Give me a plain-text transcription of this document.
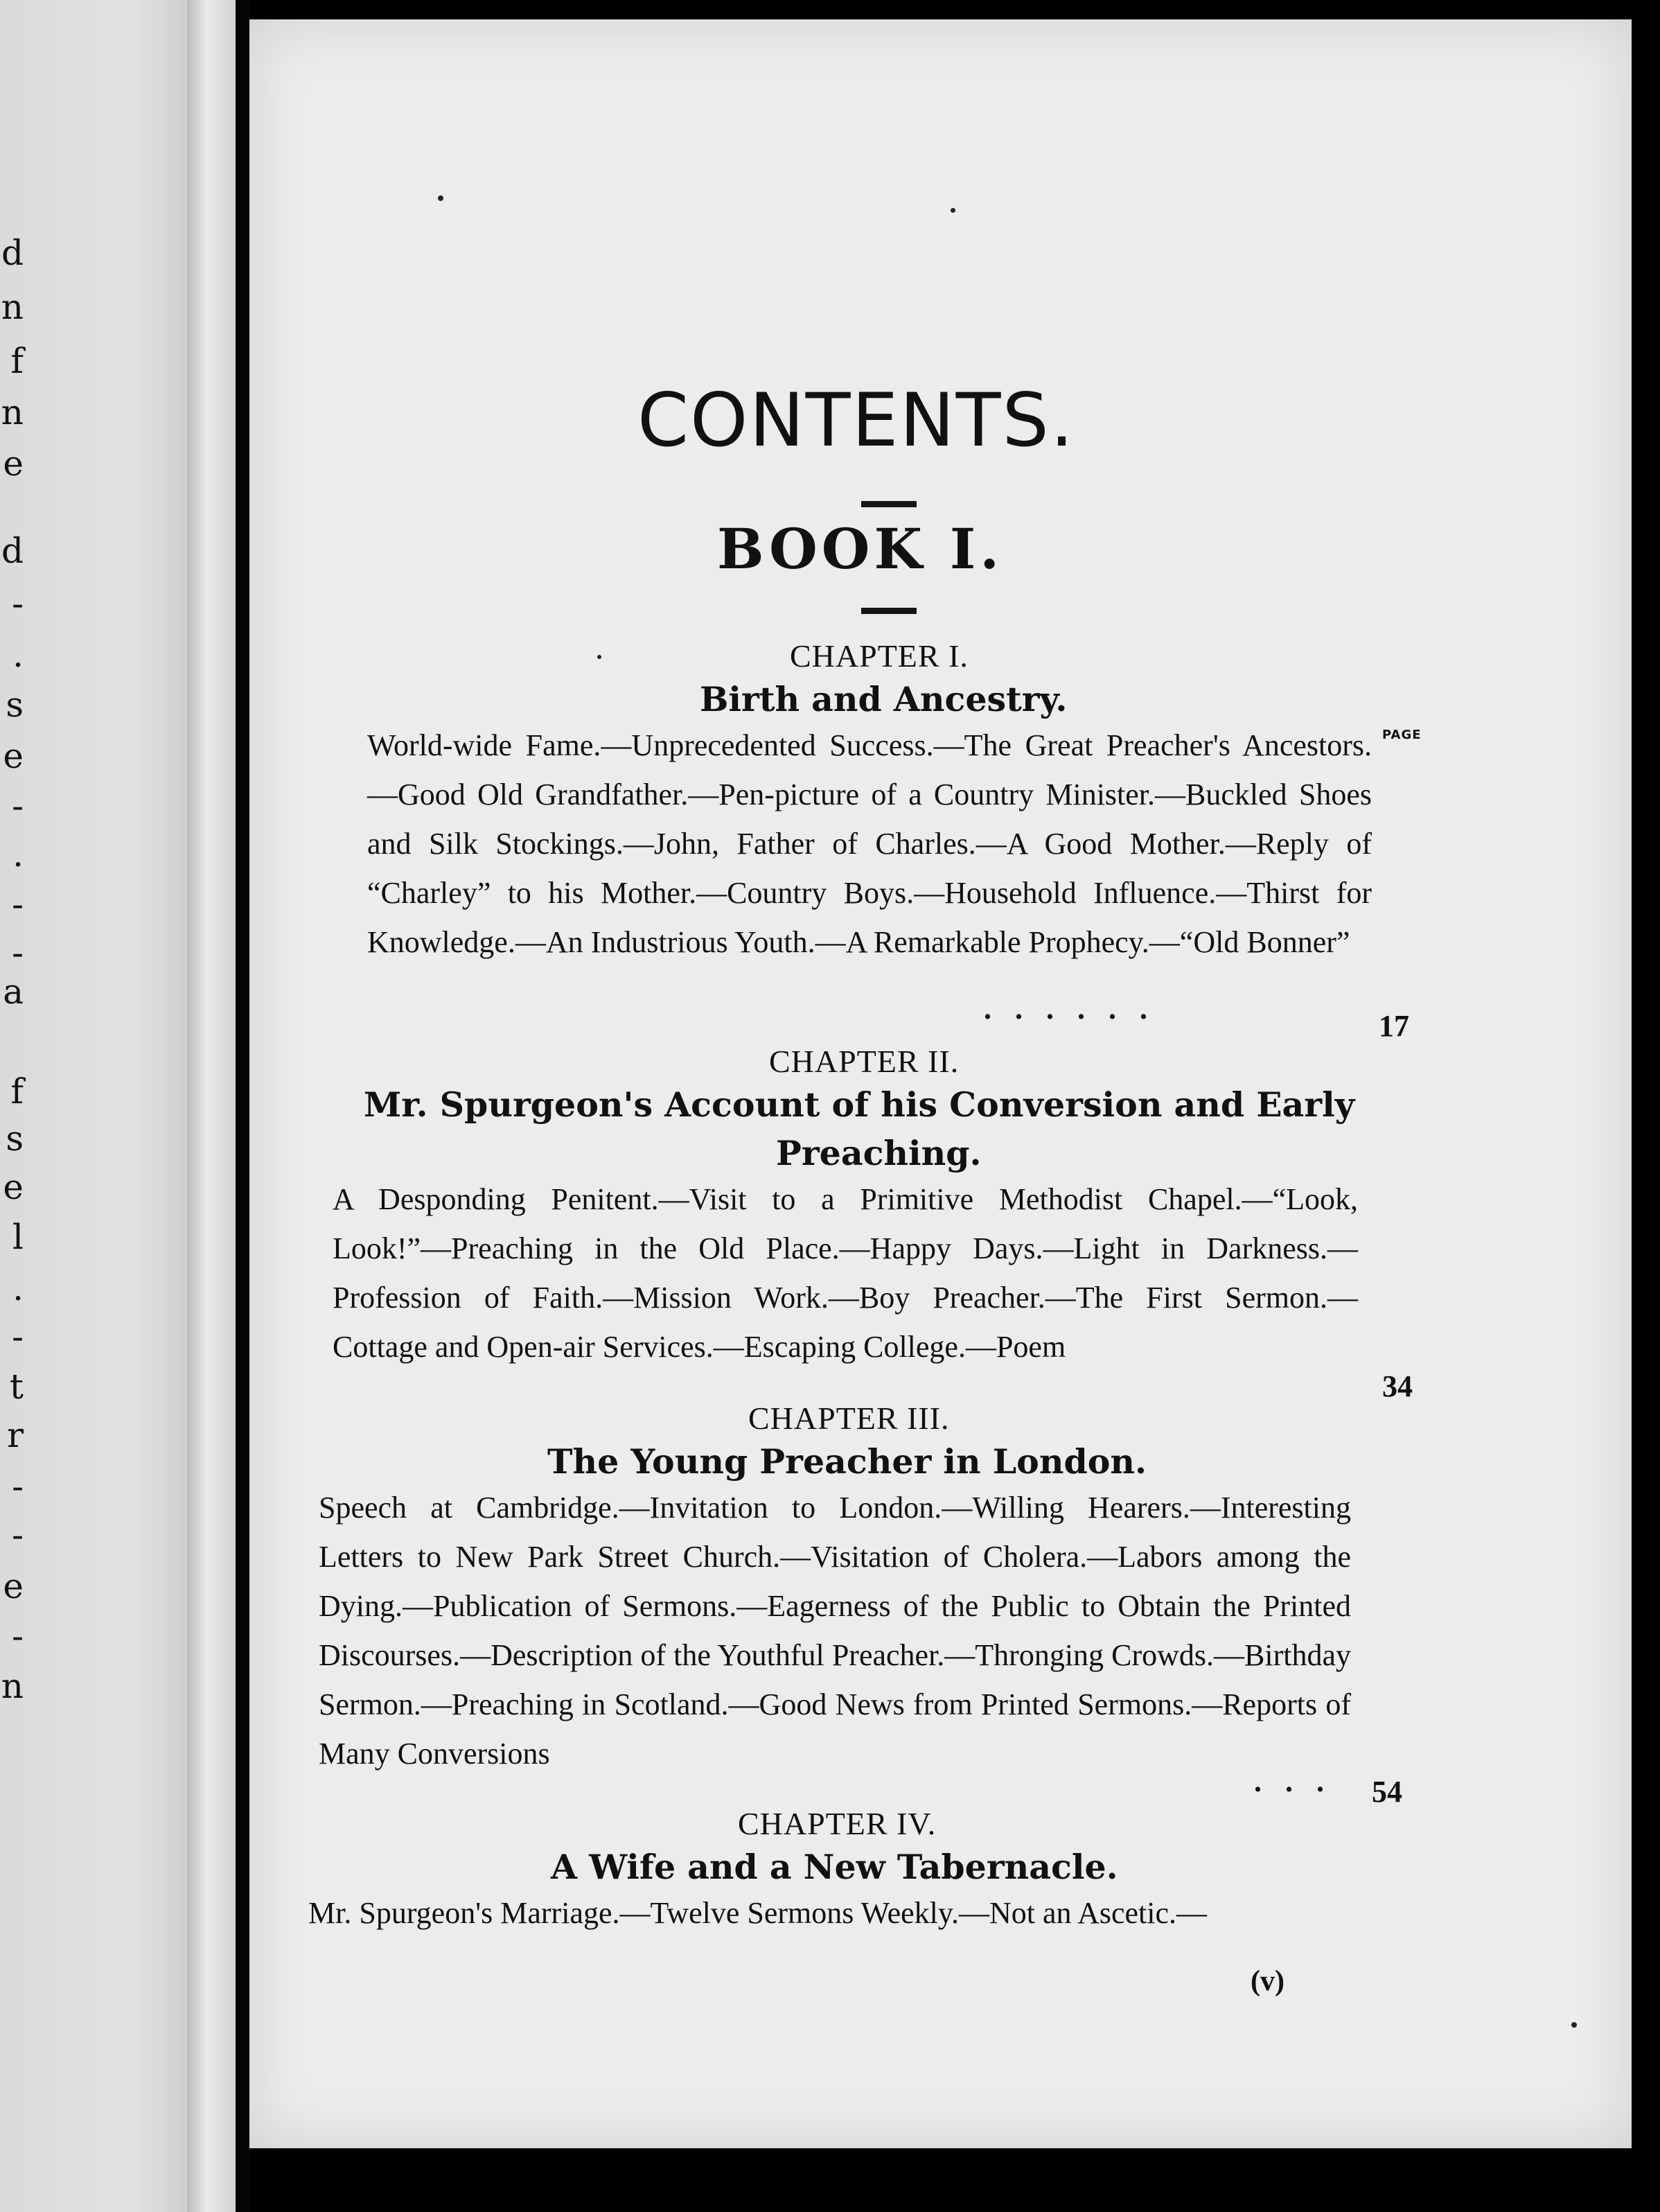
d
n
f
n
e
d
-
.
s
e
-
.
-
-
a
f
s
e
l
.
-
t
r
-
-
e
-
n
CONTENTS.
BOOK I.
CHAPTER I.
Birth and Ancestry.
PAGE
World-wide Fame.—Unprecedented Success.—The Great Preacher's Ancestors.—Good Old Grandfather.—Pen-picture of a Country Minister.—Buckled Shoes and Silk Stockings.—John, Father of Charles.—A Good Mother.—Reply of “Charley” to his Mother.—Country Boys.—Household Influence.—Thirst for Knowledge.—An Industrious Youth.—A Remarkable Prophecy.—“Old Bonner”
......
17
CHAPTER II.
Mr. Spurgeon's Account of his Conversion and Early
Preaching.
A Desponding Penitent.—Visit to a Primitive Methodist Chapel.—“Look, Look!”—Preaching in the Old Place.—Happy Days.—Light in Darkness.—Profession of Faith.—Mission Work.—Boy Preacher.—The First Sermon.—Cottage and Open-air Services.—Escaping College.—Poem
34
CHAPTER III.
The Young Preacher in London.
Speech at Cambridge.—Invitation to London.—Willing Hearers.—Interesting Letters to New Park Street Church.—Visitation of Cholera.—Labors among the Dying.—Publication of Sermons.—Eagerness of the Public to Obtain the Printed Discourses.—Description of the Youthful Preacher.—Thronging Crowds.—Birthday Sermon.—Preaching in Scotland.—Good News from Printed Sermons.—Reports of Many Conversions
... 54
CHAPTER IV.
A Wife and a New Tabernacle.
Mr. Spurgeon's Marriage.—Twelve Sermons Weekly.—Not an Ascetic.—
(v)
